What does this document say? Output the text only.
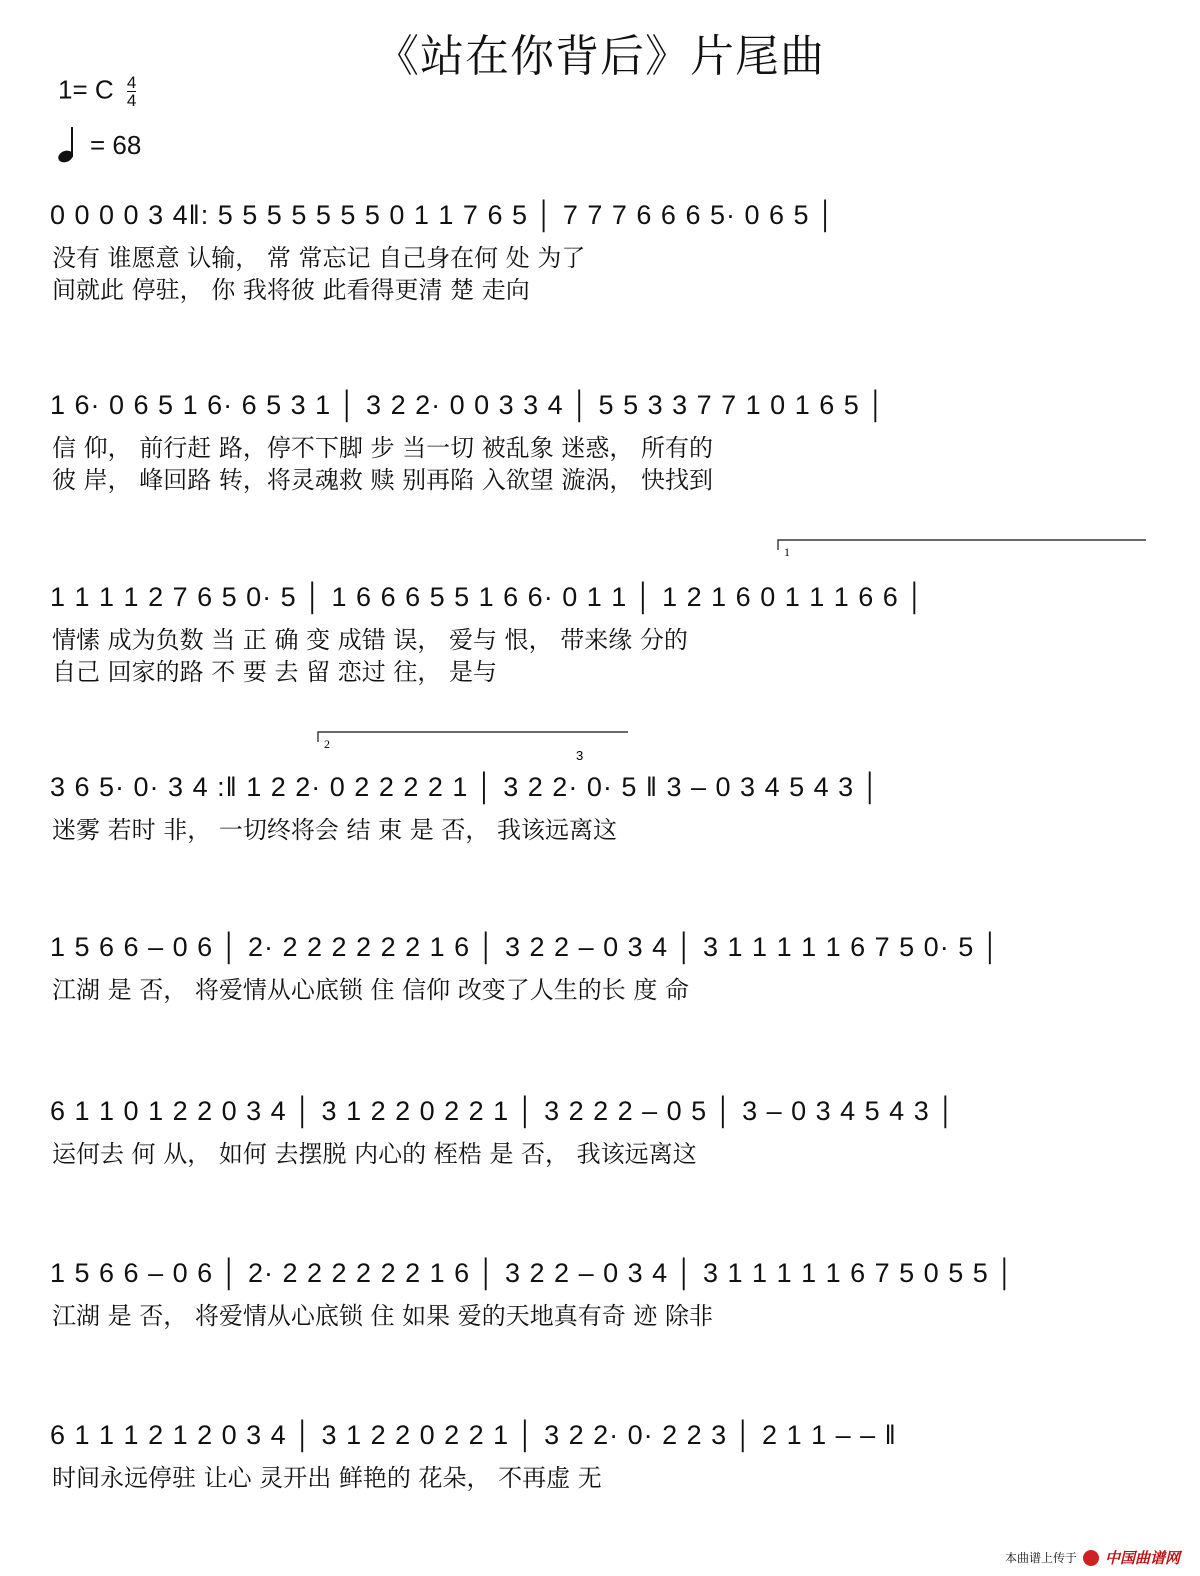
《站在你背后》片尾曲
1= C $\frac{4}{4}$
= 68
0 0 0 0 3 4‖: 5 5 5 5 5 5 5 0 1 1 7 6 5 │ 7 7 7 6 6 6 5· 0 6 5 │
没有 谁愿意 认输， 常 常忘记 自己身在何 处 为了
间就此 停驻， 你 我将彼 此看得更清 楚 走向
1 6· 0 6 5 1 6· 6 5 3 1 │ 3 2 2· 0 0 3 3 4 │ 5 5 3 3 7 7 1 0 1 6 5 │
信 仰， 前行赶 路，停不下脚 步 当一切 被乱象 迷惑， 所有的
彼 岸， 峰回路 转，将灵魂救 赎 别再陷 入欲望 漩涡， 快找到
1
1 1 1 1 2 7 6 5 0· 5 │ 1 6 6 6 5 5 1 6 6· 0 1 1 │ 1 2 1 6 0 1 1 1 6 6 │
情愫 成为负数 当 正 确 变 成错 误， 爱与 恨， 带来缘 分的
自己 回家的路 不 要 去 留 恋过 往， 是与
2
3
3 6 5· 0· 3 4 :‖ 1 2 2· 0 2 2 2 2 1 │ 3 2 2· 0· 5 ‖ 3 – 0 3 4 5 4 3 │
迷雾 若时 非， 一切终将会 结 束 是 否， 我该远离这
1 5 6 6 – 0 6 │ 2· 2 2 2 2 2 2 1 6 │ 3 2 2 – 0 3 4 │ 3 1 1 1 1 1 6 7 5 0· 5 │
江湖 是 否， 将爱情从心底锁 住 信仰 改变了人生的长 度 命
6 1 1 0 1 2 2 0 3 4 │ 3 1 2 2 0 2 2 1 │ 3 2 2 2 – 0 5 │ 3 – 0 3 4 5 4 3 │
运何去 何 从， 如何 去摆脱 内心的 桎梏 是 否， 我该远离这
1 5 6 6 – 0 6 │ 2· 2 2 2 2 2 2 1 6 │ 3 2 2 – 0 3 4 │ 3 1 1 1 1 1 6 7 5 0 5 5 │
江湖 是 否， 将爱情从心底锁 住 如果 爱的天地真有奇 迹 除非
6 1 1 1 2 1 2 0 3 4 │ 3 1 2 2 0 2 2 1 │ 3 2 2· 0· 2 2 3 │ 2 1 1 – – ‖
时间永远停驻 让心 灵开出 鲜艳的 花朵， 不再虚 无
本曲谱上传于 中国曲谱网
